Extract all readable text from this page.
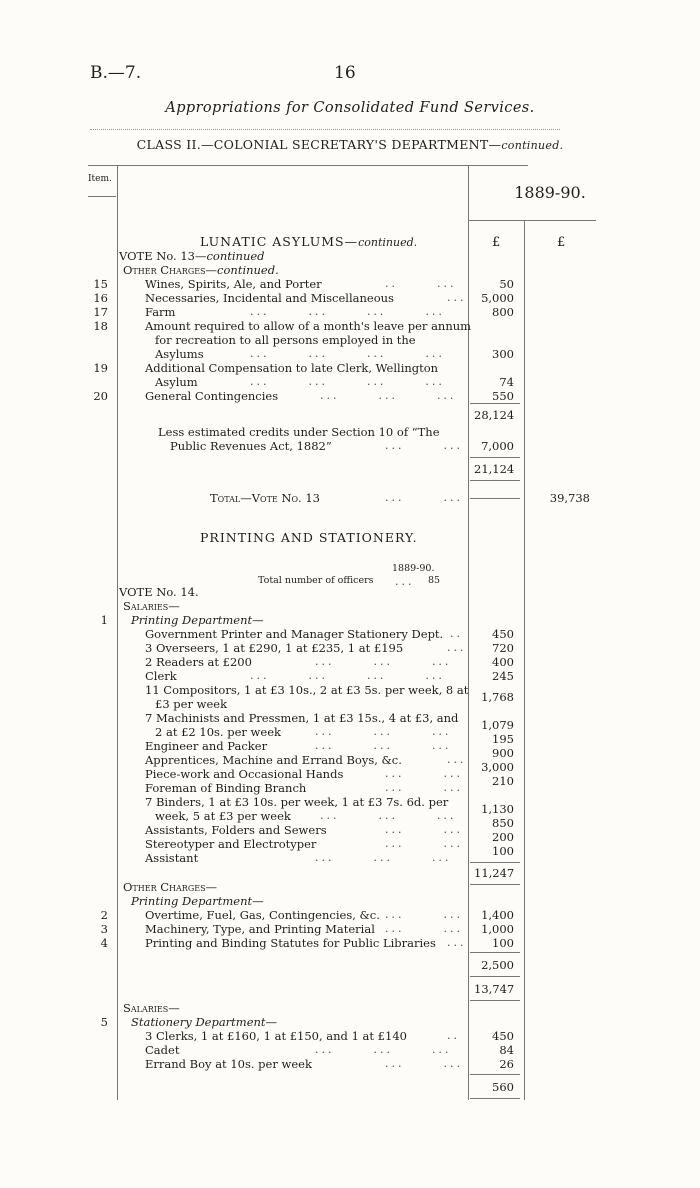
B.—7.	16
Appropriations for Consolidated Fund Services.
CLASS II.—COLONIAL SECRETARY'S DEPARTMENT—continued.
Item.
1889-90.
£	£
LUNATIC ASYLUMS—continued.
VOTE No. 13—continued
Other Charges—continued.
15	Wines, Spirits, Ale, and Porter	..      ...	50
16	Necessaries, Incidental and Miscellaneous	...	5,000
17	Farm	...      ...      ...      ...	800
18	Amount required to allow of a month's leave per annum
for recreation to all persons employed in the
Asylums	...      ...      ...      ...	300
19	Additional Compensation to late Clerk, Wellington
Asylum	...      ...      ...      ...	74
20	General Contingencies	...      ...      ...	550
28,124
Less estimated credits under Section 10 of “The
Public Revenues Act, 1882”	...      ...	7,000
21,124
Total—Vote No. 13	...      ...	39,738
PRINTING AND STATIONERY.
1889-90.
Total number of officers ... 85
VOTE No. 14.
Salaries—
1 Printing Department—
Government Printer and Manager Stationery Dept. ..	450
3 Overseers, 1 at £290, 1 at £235, 1 at £195	...	720
2 Readers at £200	...      ...      ...	400
Clerk	...      ...      ...      ...	245
11 Compositors, 1 at £3 10s., 2 at £3 5s. per week, 8 at
£3 per week	1,768
7 Machinists and Pressmen, 1 at £3 15s., 4 at £3, and
2 at £2 10s. per week	...      ...      ...	1,079
Engineer and Packer	...      ...      ...	195
Apprentices, Machine and Errand Boys, &c.	...	900
Piece-work and Occasional Hands	...      ...	3,000
Foreman of Binding Branch	...      ...	210
7 Binders, 1 at £3 10s. per week, 1 at £3 7s. 6d. per
week, 5 at £3 per week	...      ...      ...	1,130
Assistants, Folders and Sewers	...      ...	850
Stereotyper and Electrotyper	...      ...	200
Assistant	...      ...      ...	100
11,247
Other Charges—
Printing Department—
2	Overtime, Fuel, Gas, Contingencies, &c. ...      ...	1,400
3	Machinery, Type, and Printing Material ...      ...	1,000
4	Printing and Binding Statutes for Public Libraries ...	100
2,500
13,747
Salaries—
5 Stationery Department—
3 Clerks, 1 at £160, 1 at £150, and 1 at £140	..	450
Cadet	...      ...      ...	84
Errand Boy at 10s. per week	...      ...	26
560
